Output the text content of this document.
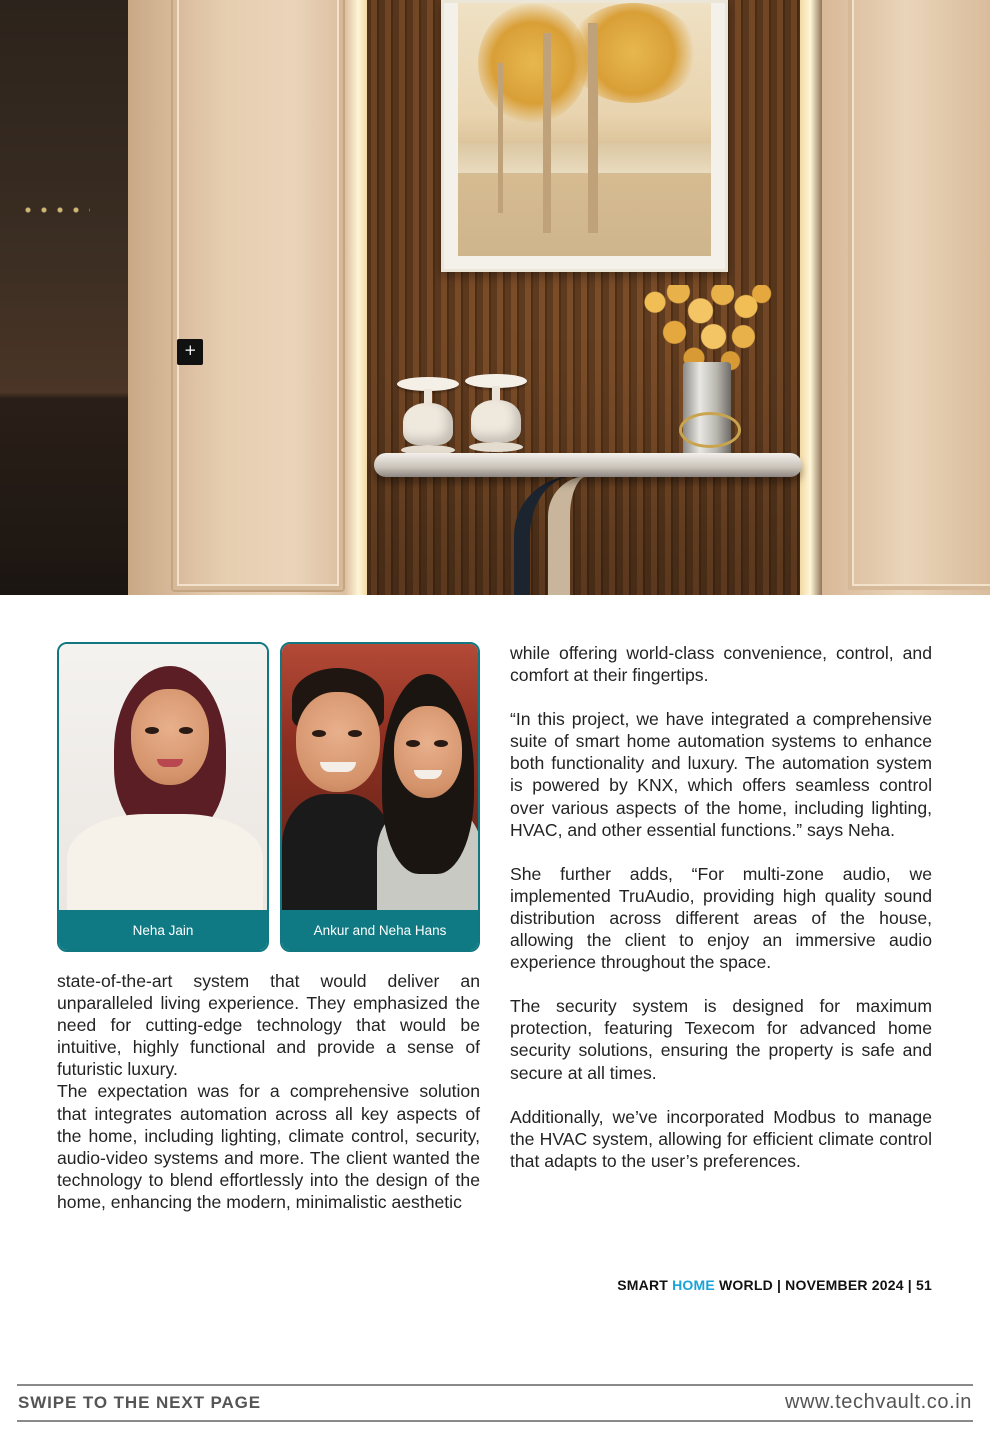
+
Neha Jain	Ankur and Neha Hans

state-of-the-art system that would deliver an unparalleled living experience. They emphasized the need for cutting-edge technology that would be intuitive, highly functional and provide a sense of futuristic luxury.

The expectation was for a comprehensive solution that integrates automation across all key aspects of the home, including lighting, climate control, security, audio-video systems and more. The client wanted the technology to blend effortlessly into the design of the home, enhancing the modern, minimalistic aesthetic

while offering world-class convenience, control, and comfort at their fingertips.

“In this project, we have integrated a comprehensive suite of smart home automation systems to enhance both functionality and luxury. The automation system is powered by KNX, which offers seamless control over various aspects of the home, including lighting, HVAC, and other essential functions.” says Neha.

She further adds, “For multi-zone audio, we implemented TruAudio, providing high quality sound distribution across different areas of the house, allowing the client to enjoy an immersive audio experience throughout the space.

The security system is designed for maximum protection, featuring Texecom for advanced home security solutions, ensuring the property is safe and secure at all times.

Additionally, we’ve incorporated Modbus to manage the HVAC system, allowing for efficient climate control that adapts to the user’s preferences.

SMART HOME WORLD | NOVEMBER 2024 | 51
SWIPE TO THE NEXT PAGE	www.techvault.co.in
